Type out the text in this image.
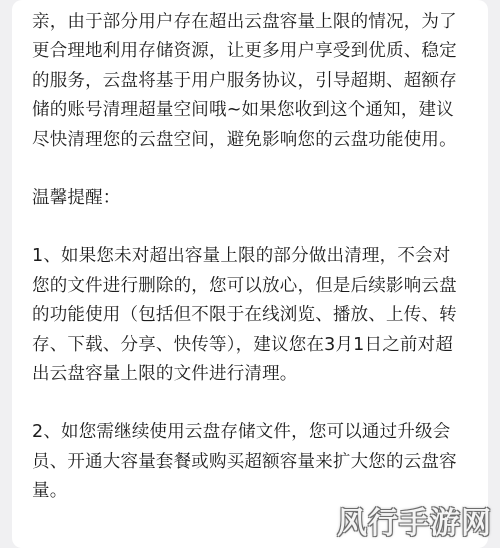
亲，由于部分用户存在超出云盘容量上限的情况，为了更合理地利用存储资源，让更多用户享受到优质、稳定的服务，云盘将基于用户服务协议，引导超期、超额存储的账号清理超量空间哦~如果您收到这个通知，建议尽快清理您的云盘空间，避免影响您的云盘功能使用。

温馨提醒：

1、如果您未对超出容量上限的部分做出清理，不会对您的文件进行删除的，您可以放心，但是后续影响云盘的功能使用（包括但不限于在线浏览、播放、上传、转存、下载、分享、快传等），建议您在3月1日之前对超出云盘容量上限的文件进行清理。

2、如您需继续使用云盘存储文件，您可以通过升级会员、开通大容量套餐或购买超额容量来扩大您的云盘容量。

风行手游网
